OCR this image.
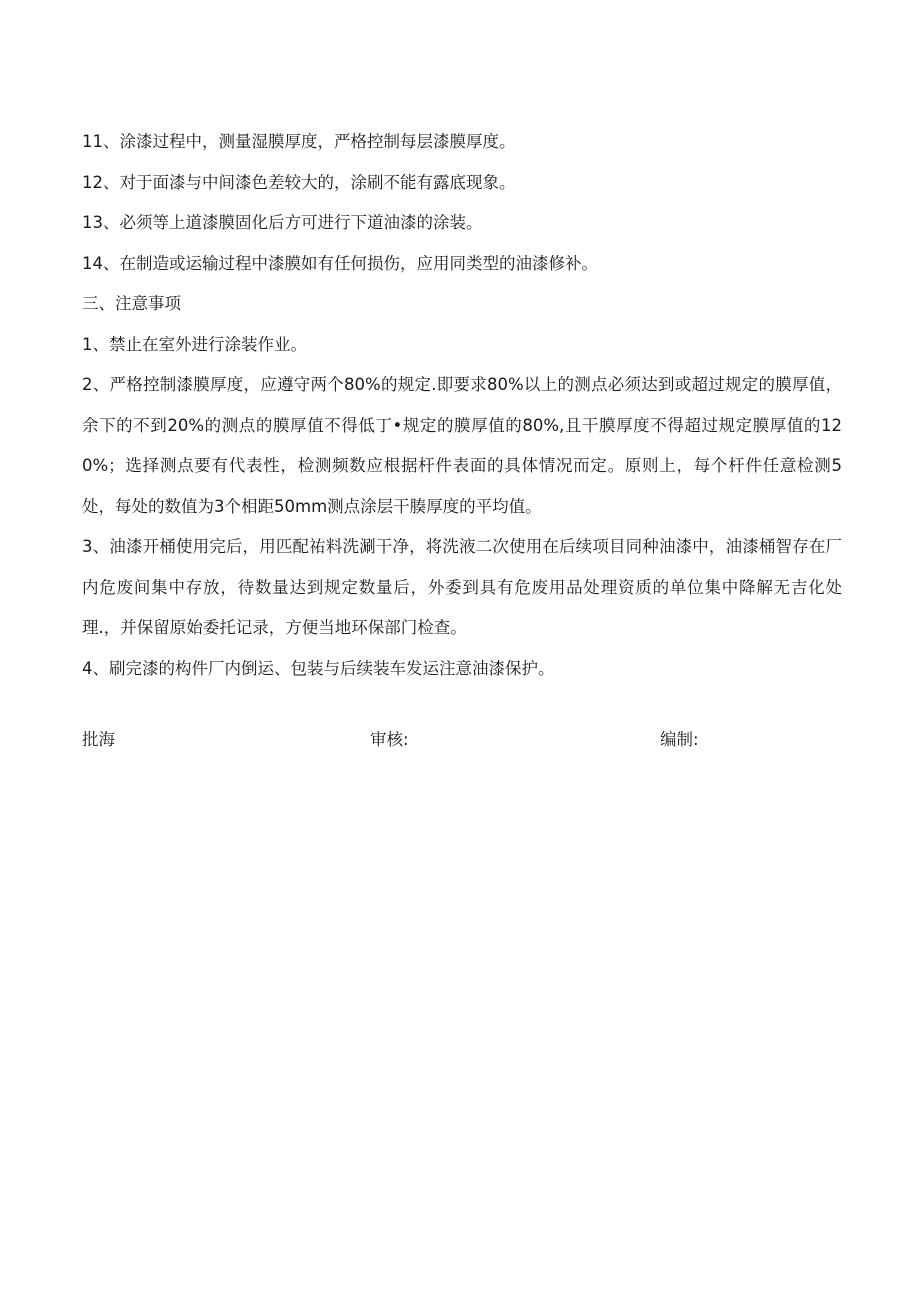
11、涂漆过程中，测量湿膜厚度，严格控制每层漆膜厚度。
12、对于面漆与中间漆色差较大的，涂刷不能有露底现象。
13、必须等上道漆膜固化后方可进行下道油漆的涂装。
14、在制造或运输过程中漆膜如有任何损伤，应用同类型的油漆修补。
三、注意事项
1、禁止在室外进行涂装作业。
2、严格控制漆膜厚度，应遵守两个80%的规定.即要求80%以上的测点必须达到或超过规定的膜厚值，余下的不到20%的测点的膜厚值不得低丁•规定的膜厚值的80%,且干膜厚度不得超过规定膜厚值的120%；选择测点要有代表性，检测频数应根据杆件表面的具体情况而定。原则上，每个杆件任意检测5处，每处的数值为3个相距50mm测点涂层干腠厚度的平均值。
3、油漆开桶使用完后，用匹配祐料洗涮干净，将洗液二次使用在后续项目同种油漆中，油漆桶智存在厂内危废间集中存放，待数量达到规定数量后，外委到具有危废用品处理资质的单位集中降解无吉化处理.，并保留原始委托记录，方便当地环保部门检查。
4、刷完漆的构件厂内倒运、包装与后续装车发运注意油漆保护。
批海	审核:	编制:
